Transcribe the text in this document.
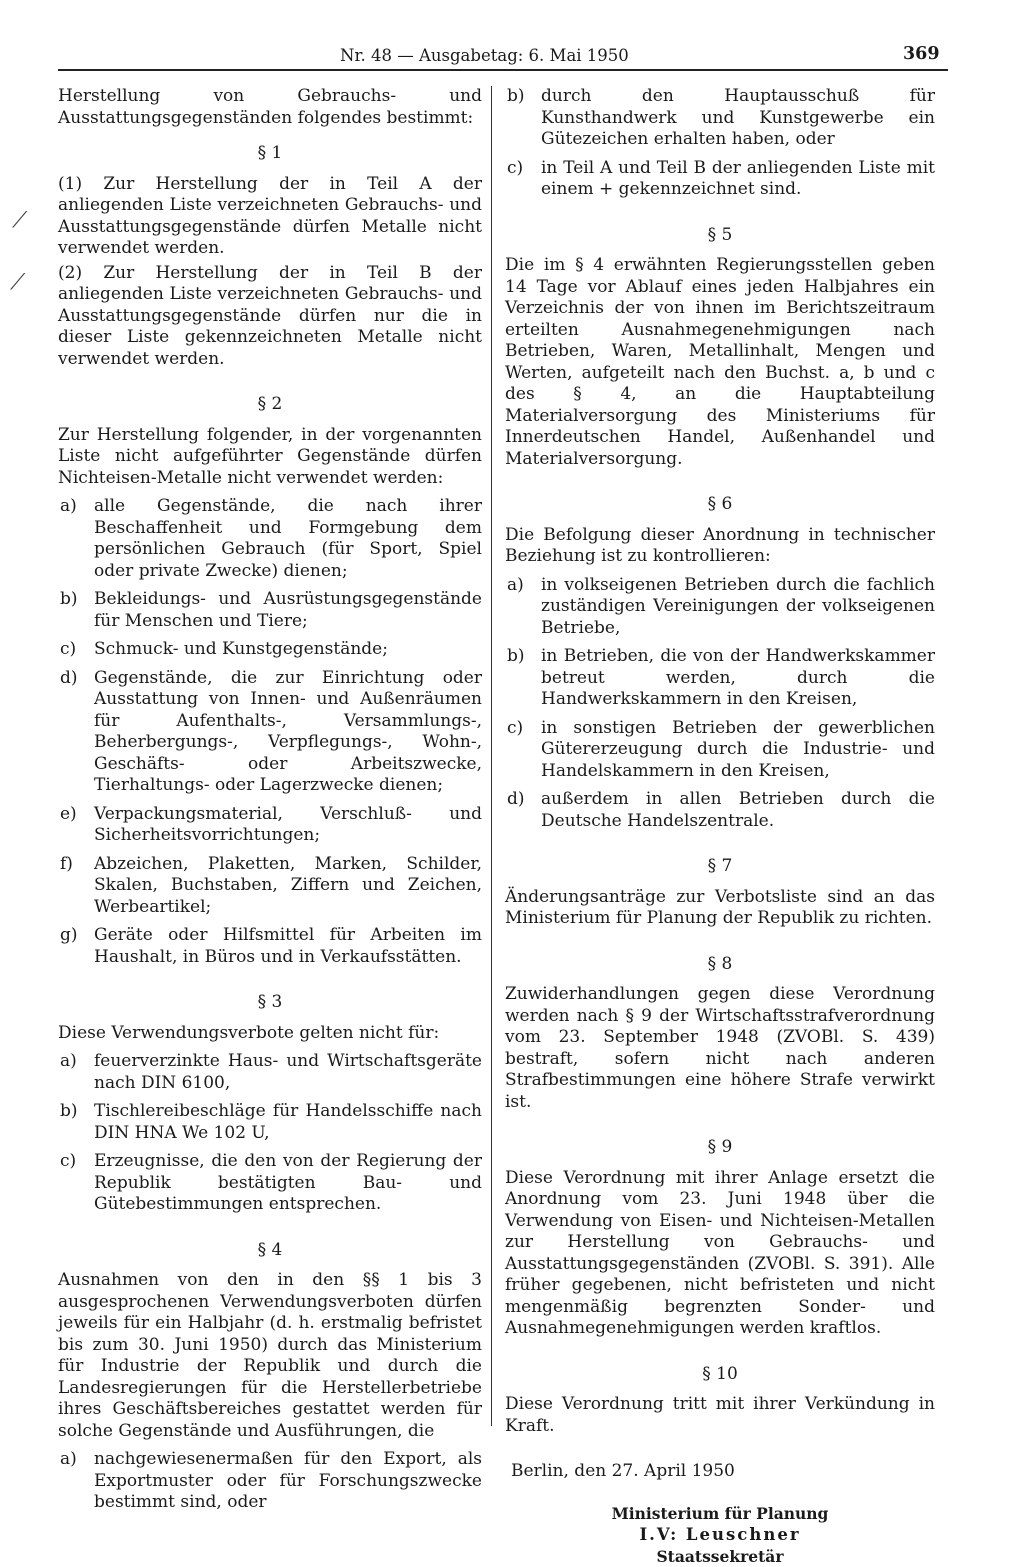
Nr. 48 — Ausgabetag: 6. Mai 1950	369
⟋
⟋

Herstellung von Gebrauchs- und Ausstattungsgegenständen folgendes bestimmt:

§ 1

(1) Zur Herstellung der in Teil A der anliegenden Liste verzeichneten Gebrauchs- und Ausstattungsgegenstände dürfen Metalle nicht verwendet werden.

(2) Zur Herstellung der in Teil B der anliegenden Liste verzeichneten Gebrauchs- und Ausstattungsgegenstände dürfen nur die in dieser Liste gekennzeichneten Metalle nicht verwendet werden.

§ 2

Zur Herstellung folgender, in der vorgenannten Liste nicht aufgeführter Gegenstände dürfen Nichteisen-Metalle nicht verwendet werden:

a)	alle Gegenstände, die nach ihrer Beschaffenheit und Formgebung dem persönlichen Gebrauch (für Sport, Spiel oder private Zwecke) dienen;
b) Bekleidungs- und Ausrüstungsgegenstände für Menschen und Tiere;
c)	Schmuck- und Kunstgegenstände;
d) Gegenstände, die zur Einrichtung oder Ausstattung von Innen- und Außenräumen für Aufenthalts-, Versammlungs-, Beherbergungs-, Verpflegungs-, Wohn-, Geschäfts- oder Arbeitszwecke, Tierhaltungs- oder Lagerzwecke dienen;
e)	Verpackungsmaterial, Verschluß- und Sicherheitsvorrichtungen;
f)	Abzeichen, Plaketten, Marken, Schilder, Skalen, Buchstaben, Ziffern und Zeichen, Werbeartikel;
g) Geräte oder Hilfsmittel für Arbeiten im Haushalt, in Büros und in Verkaufsstätten.
§ 3

Diese Verwendungsverbote gelten nicht für:

a)	feuerverzinkte Haus- und Wirtschaftsgeräte nach DIN 6100,
b) Tischlereibeschläge für Handelsschiffe nach DIN HNA We 102 U,
c)	Erzeugnisse, die den von der Regierung der Republik bestätigten Bau- und Gütebestimmungen entsprechen.
§ 4

Ausnahmen von den in den §§ 1 bis 3 ausgesprochenen Verwendungsverboten dürfen jeweils für ein Halbjahr (d. h. erstmalig befristet bis zum 30. Juni 1950) durch das Ministerium für Industrie der Republik und durch die Landesregierungen für die Herstellerbetriebe ihres Geschäftsbereiches gestattet werden für solche Gegenstände und Ausführungen, die

a)	nachgewiesenermaßen für den Export, als Exportmuster oder für Forschungszwecke bestimmt sind, oder
b) durch den Hauptausschuß für Kunsthandwerk und Kunstgewerbe ein Gütezeichen erhalten haben, oder
c)	in Teil A und Teil B der anliegenden Liste mit einem + gekennzeichnet sind.
§ 5

Die im § 4 erwähnten Regierungsstellen geben 14 Tage vor Ablauf eines jeden Halbjahres ein Verzeichnis der von ihnen im Berichtszeitraum erteilten Ausnahmegenehmigungen nach Betrieben, Waren, Metallinhalt, Mengen und Werten, aufgeteilt nach den Buchst. a, b und c des § 4, an die Hauptabteilung Materialversorgung des Ministeriums für Innerdeutschen Handel, Außenhandel und Materialversorgung.

§ 6

Die Befolgung dieser Anordnung in technischer Beziehung ist zu kontrollieren:

a)	in volkseigenen Betrieben durch die fachlich zuständigen Vereinigungen der volkseigenen Betriebe,
b) in Betrieben, die von der Handwerkskammer betreut werden, durch die Handwerkskammern in den Kreisen,
c)	in sonstigen Betrieben der gewerblichen Gütererzeugung durch die Industrie- und Handelskammern in den Kreisen,
d) außerdem in allen Betrieben durch die Deutsche Handelszentrale.
§ 7

Änderungsanträge zur Verbotsliste sind an das Ministerium für Planung der Republik zu richten.

§ 8

Zuwiderhandlungen gegen diese Verordnung werden nach § 9 der Wirtschaftsstrafverordnung vom 23. September 1948 (ZVOBl. S. 439) bestraft, sofern nicht nach anderen Strafbestimmungen eine höhere Strafe verwirkt ist.

§ 9

Diese Verordnung mit ihrer Anlage ersetzt die Anordnung vom 23. Juni 1948 über die Verwendung von Eisen- und Nichteisen-Metallen zur Herstellung von Gebrauchs- und Ausstattungsgegenständen (ZVOBl. S. 391). Alle früher gegebenen, nicht befristeten und nicht mengenmäßig begrenzten Sonder- und Ausnahmegenehmigungen werden kraftlos.

§ 10

Diese Verordnung tritt mit ihrer Verkündung in Kraft.

Berlin, den 27. April 1950

Ministerium für Planung

I.V: Leuschner

Staatssekretär
